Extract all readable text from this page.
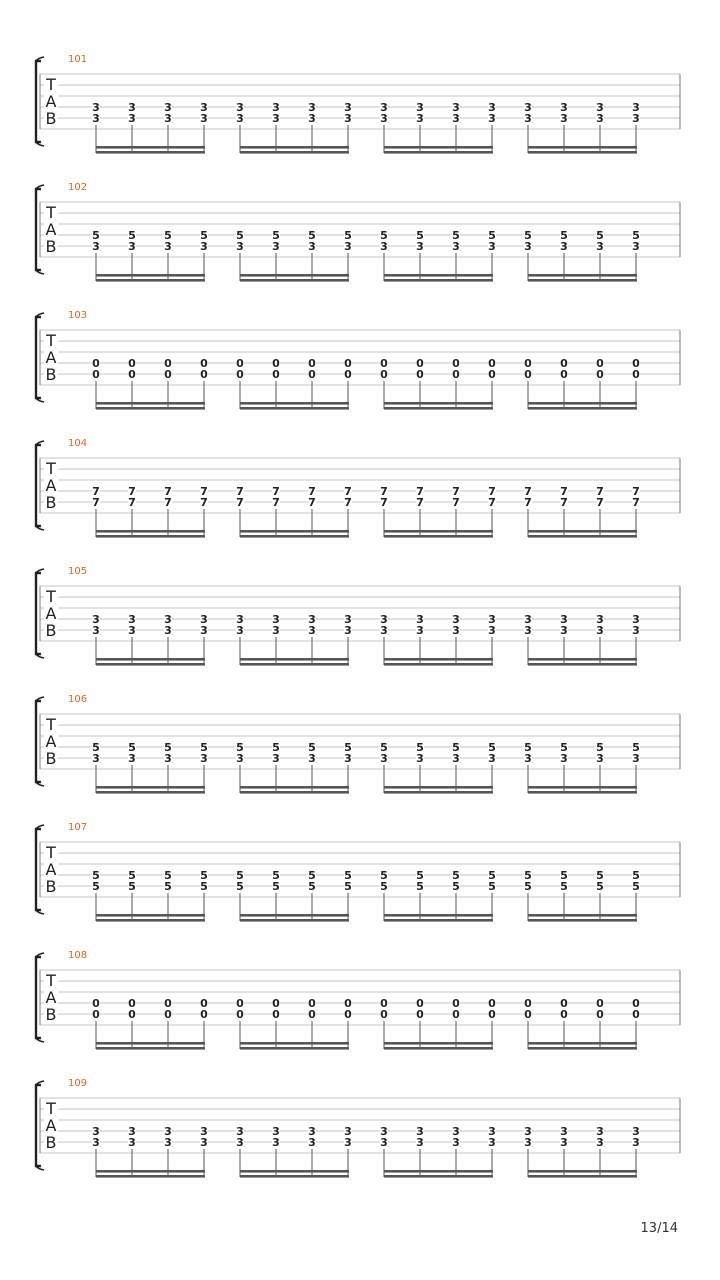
101
T
A
B
3
3
3
3
3
3
3
3
3
3
3
3
3
3
3
3
3
3
3
3
3
3
3
3
3
3
3
3
3
3
3
3
102
T
A
B
5
3
5
3
5
3
5
3
5
3
5
3
5
3
5
3
5
3
5
3
5
3
5
3
5
3
5
3
5
3
5
3
103
T
A
B
0
0
0
0
0
0
0
0
0
0
0
0
0
0
0
0
0
0
0
0
0
0
0
0
0
0
0
0
0
0
0
0
104
T
A
B
7
7
7
7
7
7
7
7
7
7
7
7
7
7
7
7
7
7
7
7
7
7
7
7
7
7
7
7
7
7
7
7
105
T
A
B
3
3
3
3
3
3
3
3
3
3
3
3
3
3
3
3
3
3
3
3
3
3
3
3
3
3
3
3
3
3
3
3
106
T
A
B
5
3
5
3
5
3
5
3
5
3
5
3
5
3
5
3
5
3
5
3
5
3
5
3
5
3
5
3
5
3
5
3
107
T
A
B
5
5
5
5
5
5
5
5
5
5
5
5
5
5
5
5
5
5
5
5
5
5
5
5
5
5
5
5
5
5
5
5
108
T
A
B
0
0
0
0
0
0
0
0
0
0
0
0
0
0
0
0
0
0
0
0
0
0
0
0
0
0
0
0
0
0
0
0
109
T
A
B
3
3
3
3
3
3
3
3
3
3
3
3
3
3
3
3
3
3
3
3
3
3
3
3
3
3
3
3
3
3
3
3
13/14
